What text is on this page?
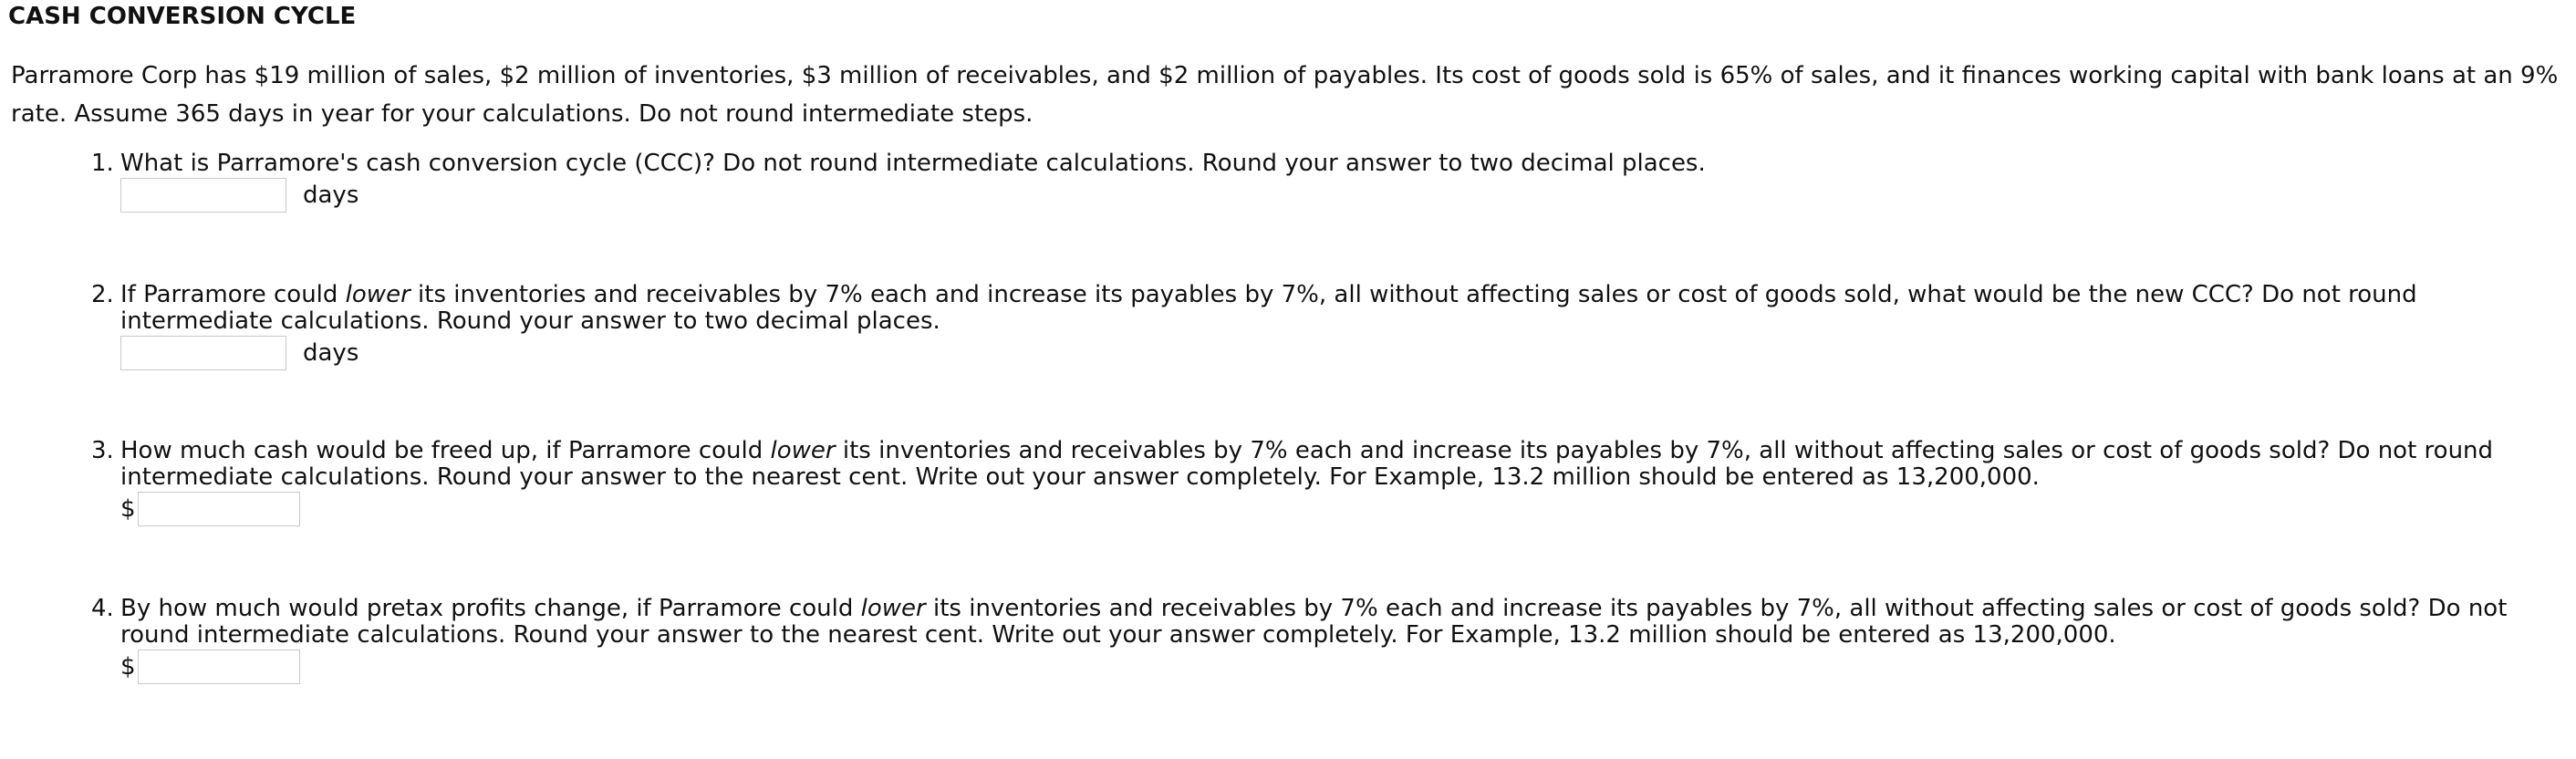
CASH CONVERSION CYCLE

Parramore Corp has $19 million of sales, $2 million of inventories, $3 million of receivables, and $2 million of payables. Its cost of goods sold is 65% of sales, and it finances working capital with bank loans at an 9% rate. Assume 365 days in year for your calculations. Do not round intermediate steps.

1. What is Parramore's cash conversion cycle (CCC)? Do not round intermediate calculations. Round your answer to two decimal places.
days
2. If Parramore could lower its inventories and receivables by 7% each and increase its payables by 7%, all without affecting sales or cost of goods sold, what would be the new CCC? Do not round intermediate calculations. Round your answer to two decimal places.
days
3. How much cash would be freed up, if Parramore could lower its inventories and receivables by 7% each and increase its payables by 7%, all without affecting sales or cost of goods sold? Do not round intermediate calculations. Round your answer to the nearest cent. Write out your answer completely. For Example, 13.2 million should be entered as 13,200,000.
$
4. By how much would pretax profits change, if Parramore could lower its inventories and receivables by 7% each and increase its payables by 7%, all without affecting sales or cost of goods sold? Do not round intermediate calculations. Round your answer to the nearest cent. Write out your answer completely. For Example, 13.2 million should be entered as 13,200,000.
$
